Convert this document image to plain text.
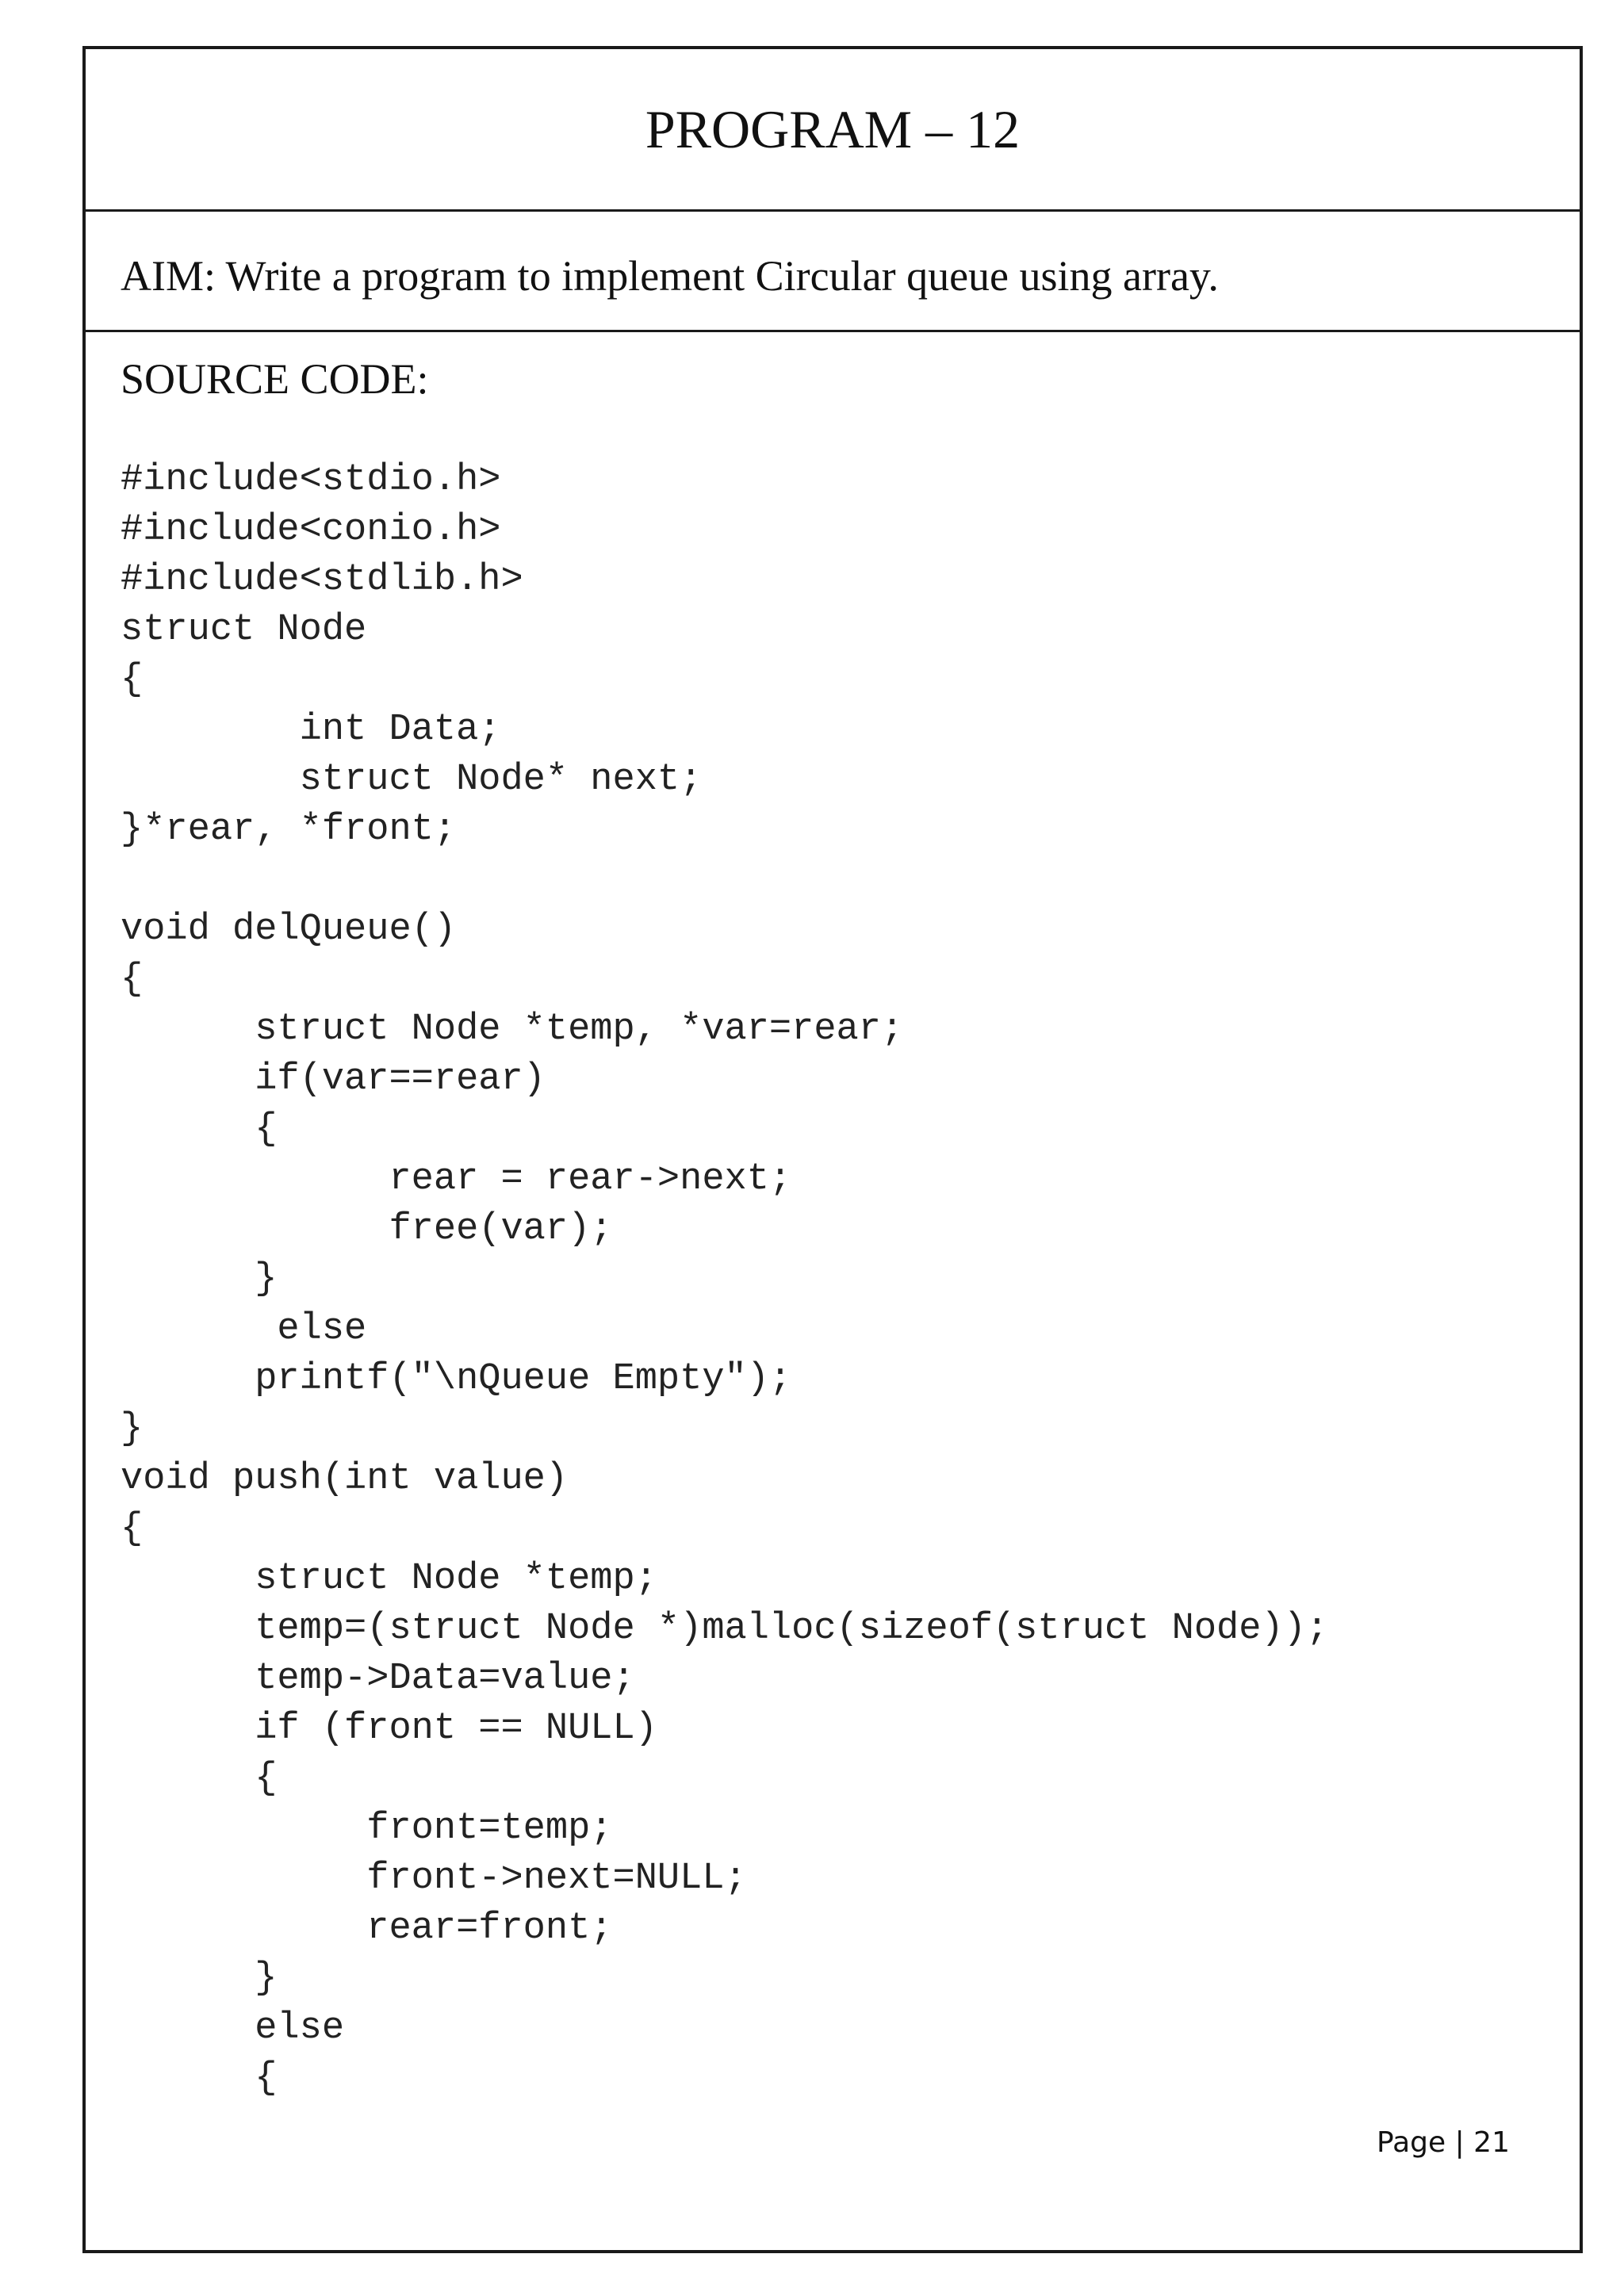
PROGRAM – 12

AIM: Write a program to implement Circular queue using array.

SOURCE CODE:

#include<stdio.h>
#include<conio.h>
#include<stdlib.h>
struct Node
{
int Data;
struct Node* next;
}*rear, *front;
void delQueue()
{
struct Node *temp, *var=rear;
if(var==rear)
{
rear = rear->next;
free(var);
}
else
printf("\nQueue Empty");
}
void push(int value)
{
struct Node *temp;
temp=(struct Node *)malloc(sizeof(struct Node));
temp->Data=value;
if (front == NULL)
{
front=temp;
front->next=NULL;
rear=front;
}
else
{
Page | 21
